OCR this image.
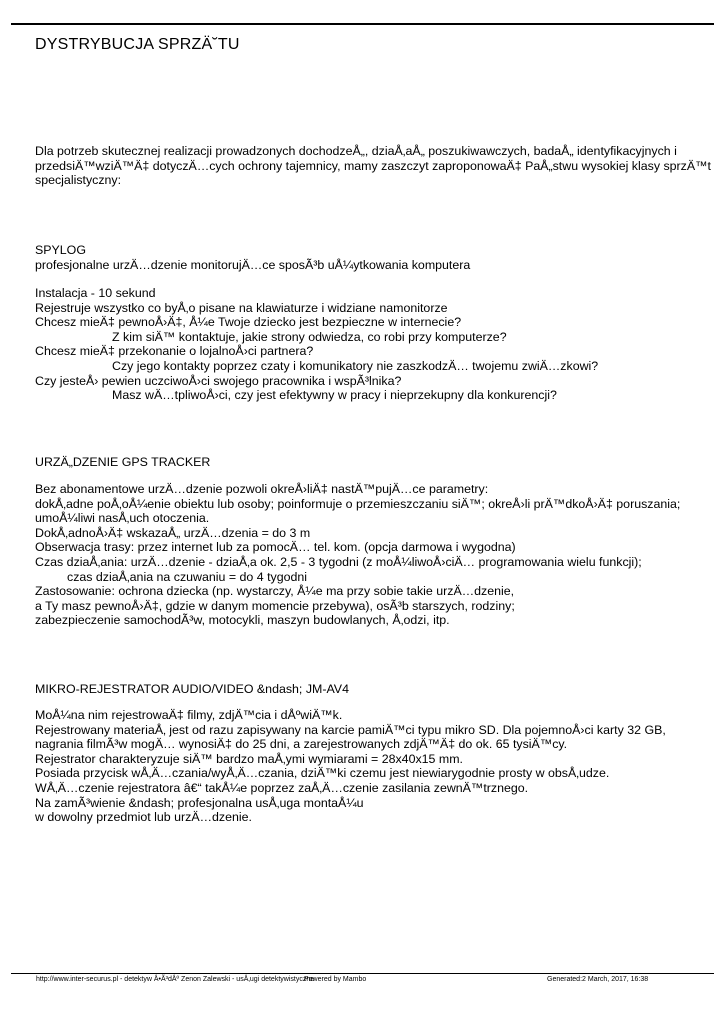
DYSTRYBUCJA SPRZÄ˘TU
Dla potrzeb skutecznej realizacji prowadzonych dochodzeÅ„, dziaÅ‚aÅ„ poszukiwawczych, badaÅ„ identyfikacyjnych i
przedsiÄ™wziÄ™Ä‡ dotyczÄ…cych ochrony tajemnicy, mamy zaszczyt zaproponowaÄ‡ PaÅ„stwu wysokiej klasy sprzÄ™t
specjalistyczny:
SPYLOG
profesjonalne urzÄ…dzenie monitorujÄ…ce sposÃ³b uÅ¼ytkowania komputera
Instalacja - 10 sekund
Rejestruje wszystko co byÅ‚o pisane na klawiaturze i widziane namonitorze
Chcesz mieÄ‡ pewnoÅ›Ä‡, Å¼e Twoje dziecko jest bezpieczne w internecie?
Z kim siÄ™ kontaktuje, jakie strony odwiedza, co robi przy komputerze?
Chcesz mieÄ‡ przekonanie o lojalnoÅ›ci partnera?
Czy jego kontakty poprzez czaty i komunikatory nie zaszkodzÄ… twojemu zwiÄ…zkowi?
Czy jesteÅ› pewien uczciwoÅ›ci swojego pracownika i wspÃ³lnika?
Masz wÄ…tpliwoÅ›ci, czy jest efektywny w pracy i nieprzekupny dla konkurencji?
URZÄ„DZENIE GPS TRACKER
Bez abonamentowe urzÄ…dzenie pozwoli okreÅ›liÄ‡ nastÄ™pujÄ…ce parametry:
dokÅ‚adne poÅ‚oÅ¼enie obiektu lub osoby; poinformuje o przemieszczaniu siÄ™; okreÅ›li prÄ™dkoÅ›Ä‡ poruszania;
umoÅ¼liwi nasÅ‚uch otoczenia.
DokÅ‚adnoÅ›Ä‡ wskazaÅ„ urzÄ…dzenia = do 3 m
Obserwacja trasy: przez internet lub za pomocÄ… tel. kom. (opcja darmowa i wygodna)
Czas dziaÅ‚ania: urzÄ…dzenie - dziaÅ‚a ok. 2,5 - 3 tygodni (z moÅ¼liwoÅ›ciÄ… programowania wielu funkcji);
czas dziaÅ‚ania na czuwaniu = do 4 tygodni
Zastosowanie: ochrona dziecka (np. wystarczy, Å¼e ma przy sobie takie urzÄ…dzenie,
a Ty masz pewnoÅ›Ä‡, gdzie w danym momencie przebywa), osÃ³b starszych, rodziny;
zabezpieczenie samochodÃ³w, motocykli, maszyn budowlanych, Å‚odzi, itp.
MIKRO-REJESTRATOR AUDIO/VIDEO &ndash; JM-AV4
MoÅ¼na nim rejestrowaÄ‡ filmy, zdjÄ™cia i dÅºwiÄ™k.
Rejestrowany materiaÅ‚ jest od razu zapisywany na karcie pamiÄ™ci typu mikro SD. Dla pojemnoÅ›ci karty 32 GB,
nagrania filmÃ³w mogÄ… wynosiÄ‡ do 25 dni, a zarejestrowanych zdjÄ™Ä‡ do ok. 65 tysiÄ™cy.
Rejestrator charakteryzuje siÄ™ bardzo maÅ‚ymi wymiarami = 28x40x15 mm.
Posiada przycisk wÅ‚Ä…czania/wyÅ‚Ä…czania, dziÄ™ki czemu jest niewiarygodnie prosty w obsÅ‚udze.
WÅ‚Ä…czenie rejestratora â€“ takÅ¼e poprzez zaÅ‚Ä…czenie zasilania zewnÄ™trznego.
Na zamÃ³wienie &ndash; profesjonalna usÅ‚uga montaÅ¼u
w dowolny przedmiot lub urzÄ…dzenie.
http://www.inter-securus.pl - detektyw Å•Ã³dÅº Zenon Zalewski - usÅ‚ugi detektywistyczne
Powered by Mambo	Generated:2 March, 2017, 16:38
